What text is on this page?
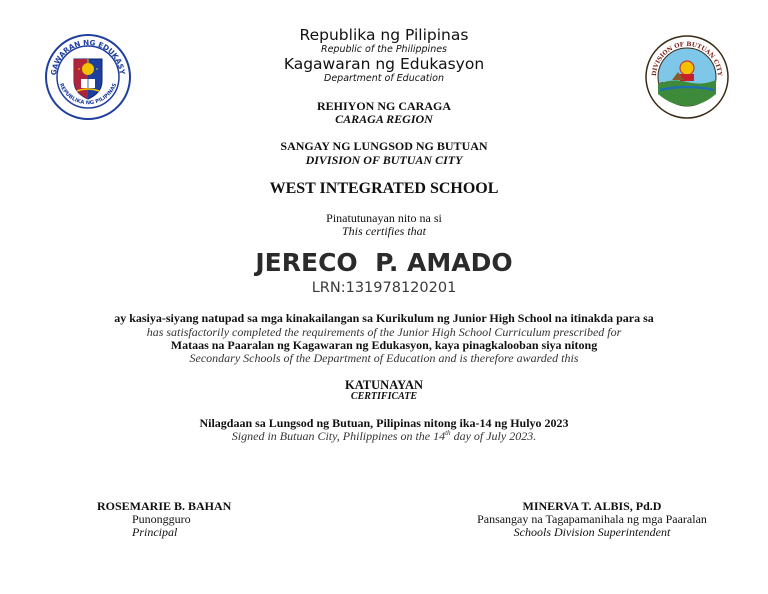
GAWARAN NG EDUKASY
REPUBLIKA NG PILIPINAS
DIVISION OF BUTUAN CITY
Republika ng Pilipinas
Republic of the Philippines
Kagawaran ng Edukasyon
Department of Education
REHIYON NG CARAGA
CARAGA REGION
SANGAY NG LUNGSOD NG BUTUAN
DIVISION OF BUTUAN CITY
WEST INTEGRATED SCHOOL
Pinatutunayan nito na si
This certifies that
JERECO  P. AMADO
LRN:131978120201
ay kasiya-siyang natupad sa mga kinakailangan sa Kurikulum ng Junior High School na itinakda para sa
has satisfactorily completed the requirements of the Junior High School Curriculum prescribed for
Mataas na Paaralan ng Kagawaran ng Edukasyon, kaya pinagkalooban siya nitong
Secondary Schools of the Department of Education and is therefore awarded this
KATUNAYAN
CERTIFICATE
Nilagdaan sa Lungsod ng Butuan, Pilipinas nitong ika-14 ng Hulyo 2023
Signed in Butuan City, Philippines on the 14th day of July 2023.
ROSEMARIE B. BAHAN
Punongguro
Principal
MINERVA T. ALBIS, Pd.D
Pansangay na Tagapamanihala ng mga Paaralan
Schools Division Superintendent
